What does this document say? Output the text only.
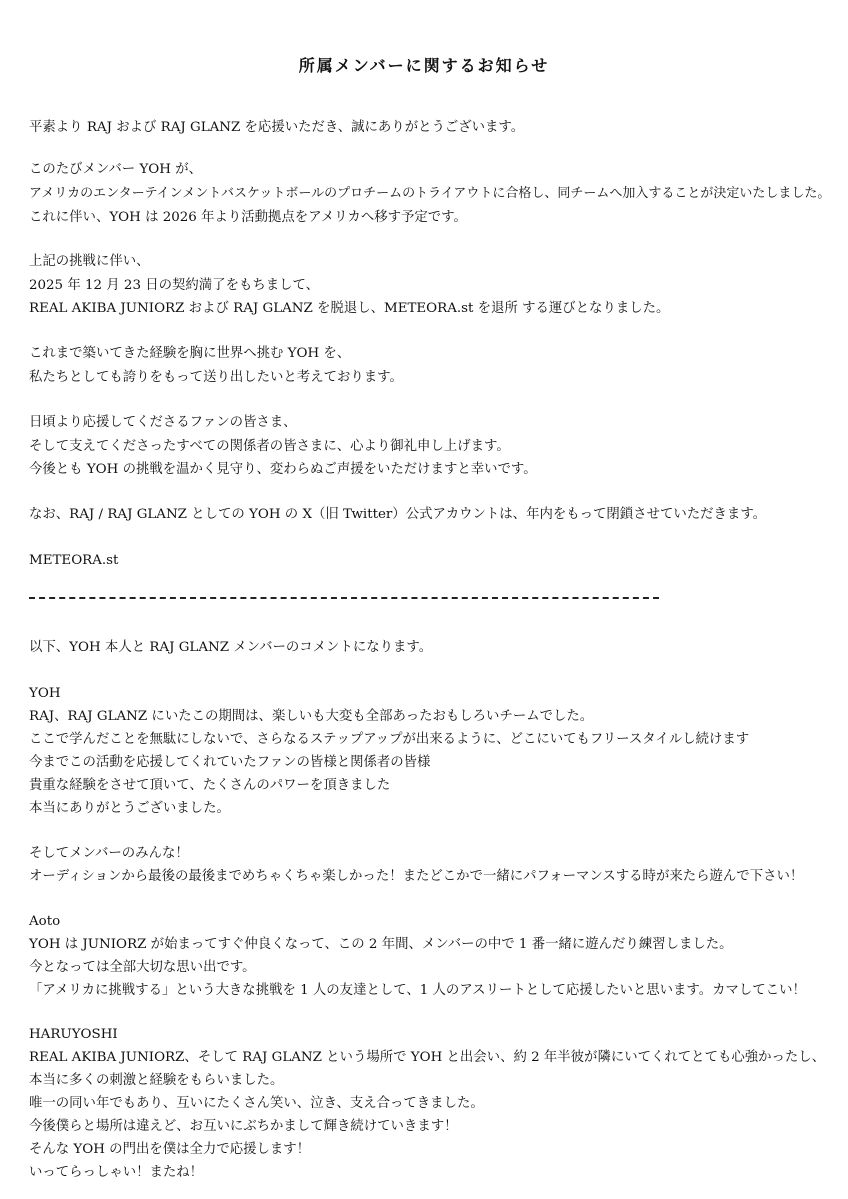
所属メンバーに関するお知らせ
平素より RAJ および RAJ GLANZ を応援いただき、誠にありがとうございます。
このたびメンバー YOH が、
アメリカのエンターテインメントバスケットボールのプロチームのトライアウトに合格し、同チームへ加入することが決定いたしました。
これに伴い、YOH は 2026 年より活動拠点をアメリカへ移す予定です。
上記の挑戦に伴い、
2025 年 12 月 23 日の契約満了をもちまして、
REAL AKIBA JUNIORZ および RAJ GLANZ を脱退し、METEORA.st を退所 する運びとなりました。
これまで築いてきた経験を胸に世界へ挑む YOH を、
私たちとしても誇りをもって送り出したいと考えております。
日頃より応援してくださるファンの皆さま、
そして支えてくださったすべての関係者の皆さまに、心より御礼申し上げます。
今後とも YOH の挑戦を温かく見守り、変わらぬご声援をいただけますと幸いです。
なお、RAJ / RAJ GLANZ としての YOH の X（旧 Twitter）公式アカウントは、年内をもって閉鎖させていただきます。
METEORA.st
以下、YOH 本人と RAJ GLANZ メンバーのコメントになります。
YOH
RAJ、RAJ GLANZ にいたこの期間は、楽しいも大変も全部あったおもしろいチームでした。
ここで学んだことを無駄にしないで、さらなるステップアップが出来るように、どこにいてもフリースタイルし続けます
今までこの活動を応援してくれていたファンの皆様と関係者の皆様
貴重な経験をさせて頂いて、たくさんのパワーを頂きました
本当にありがとうございました。
そしてメンバーのみんな！
オーディションから最後の最後までめちゃくちゃ楽しかった！またどこかで一緒にパフォーマンスする時が来たら遊んで下さい！
Aoto
YOH は JUNIORZ が始まってすぐ仲良くなって、この 2 年間、メンバーの中で 1 番一緒に遊んだり練習しました。
今となっては全部大切な思い出です。
「アメリカに挑戦する」という大きな挑戦を 1 人の友達として、1 人のアスリートとして応援したいと思います。カマしてこい！
HARUYOSHI
REAL AKIBA JUNIORZ、そして RAJ GLANZ という場所で YOH と出会い、約 2 年半彼が隣にいてくれてとても心強かったし、
本当に多くの刺激と経験をもらいました。
唯一の同い年でもあり、互いにたくさん笑い、泣き、支え合ってきました。
今後僕らと場所は違えど、お互いにぶちかまして輝き続けていきます！
そんな YOH の門出を僕は全力で応援します！
いってらっしゃい！またね！
